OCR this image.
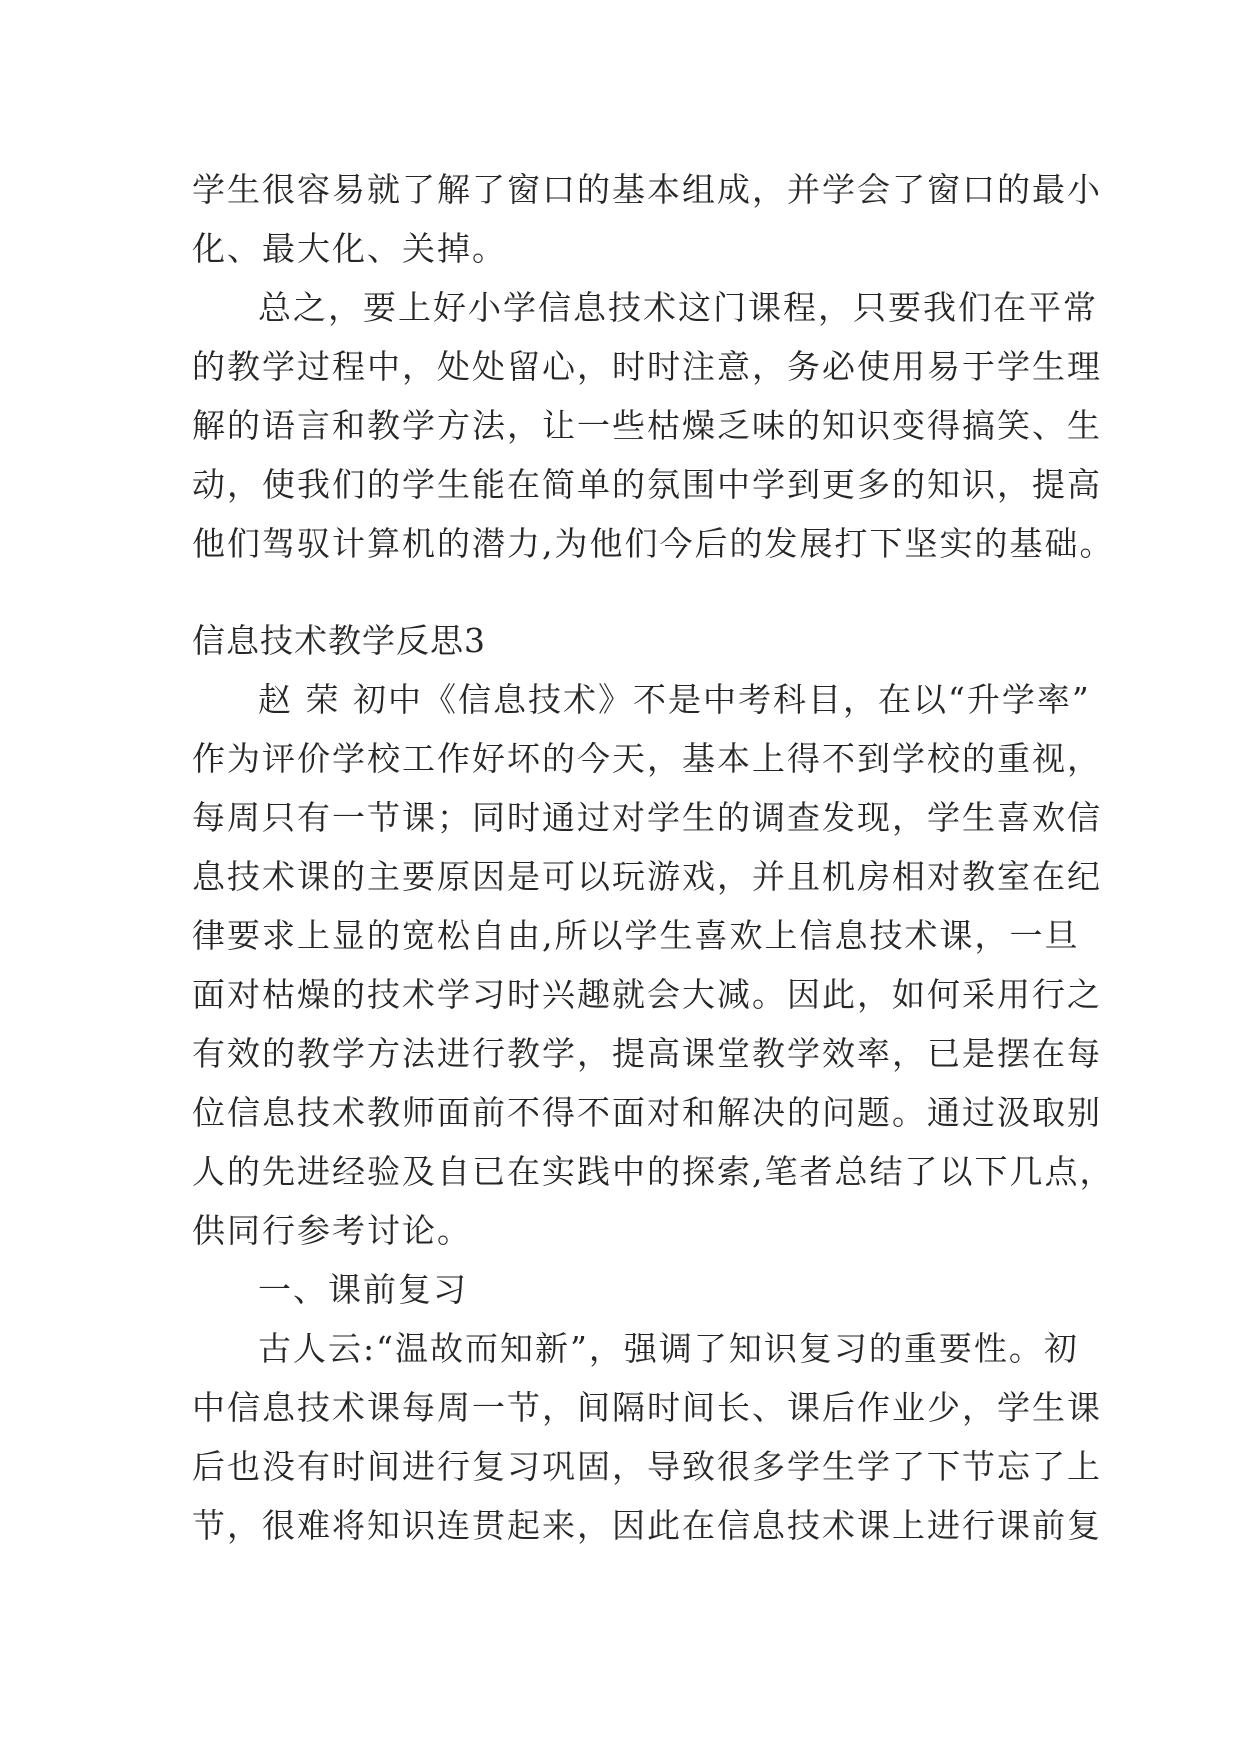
学生很容易就了解了窗口的基本组成，并学会了窗口的最小
化、最大化、关掉。
总之，要上好小学信息技术这门课程，只要我们在平常
的教学过程中，处处留心，时时注意，务必使用易于学生理
解的语言和教学方法，让一些枯燥乏味的知识变得搞笑、生
动，使我们的学生能在简单的氛围中学到更多的知识，提高
他们驾驭计算机的潜力,为他们今后的发展打下坚实的基础。
信息技术教学反思3
赵 荣 初中《信息技术》不是中考科目，在以“升学率”
作为评价学校工作好坏的今天，基本上得不到学校的重视，
每周只有一节课；同时通过对学生的调查发现，学生喜欢信
息技术课的主要原因是可以玩游戏，并且机房相对教室在纪
律要求上显的宽松自由,所以学生喜欢上信息技术课，一旦
面对枯燥的技术学习时兴趣就会大减。因此，如何采用行之
有效的教学方法进行教学，提高课堂教学效率，已是摆在每
位信息技术教师面前不得不面对和解决的问题。通过汲取别
人的先进经验及自已在实践中的探索,笔者总结了以下几点，
供同行参考讨论。
一、课前复习
古人云:“温故而知新”，强调了知识复习的重要性。初
中信息技术课每周一节，间隔时间长、课后作业少，学生课
后也没有时间进行复习巩固，导致很多学生学了下节忘了上
节，很难将知识连贯起来，因此在信息技术课上进行课前复
